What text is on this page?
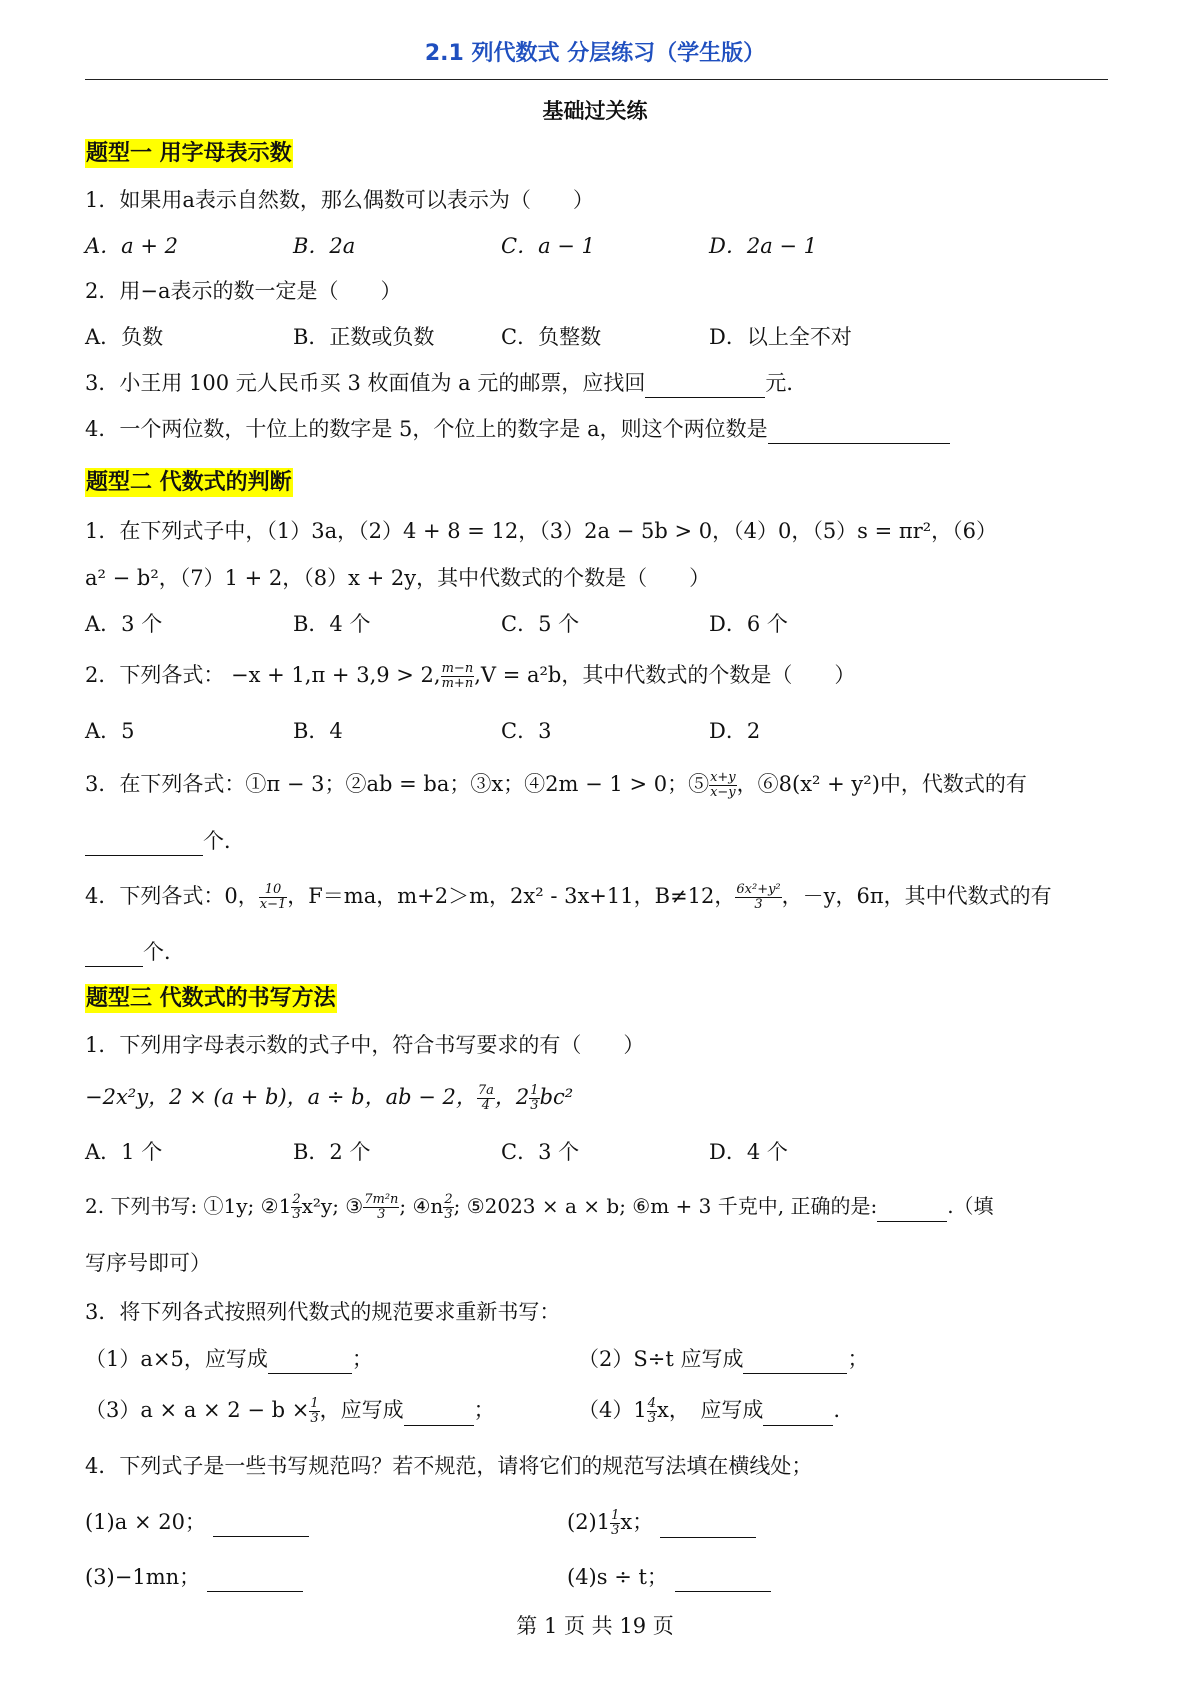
2.1 列代数式 分层练习（学生版）
基础过关练
题型一 用字母表示数
1．如果用a表示自然数，那么偶数可以表示为（　　）
A．a + 2	B．2a	C．a − 1	D．2a − 1
2．用−a表示的数一定是（　　）
A．负数	B．正数或负数	C．负整数	D．以上全不对
3．小王用 100 元人民币买 3 枚面值为 a 元的邮票，应找回	元．
4．一个两位数，十位上的数字是 5，个位上的数字是 a，则这个两位数是
题型二 代数式的判断
1．在下列式子中，（1）3a，（2）4 + 8 = 12，（3）2a − 5b > 0，（4）0，（5）s = πr²，（6）
a² − b²，（7）1 + 2，（8）x + 2y，其中代数式的个数是（　　）
A．3 个	B．4 个	C．5 个	D．6 个
2．下列各式： −x + 1,π + 3,9 > 2, $\frac{m-n}{m+n} ,V = a^2b$，其中代数式的个数是（　　）
A．5	B．4	C．3	D．2
3．在下列各式：①π − 3；②ab = ba；③x；④2m − 1 > 0；⑤ $\frac{x+y}{x-y}$ ，⑥8(x² + y²)中，代数式的有
个．
4．下列各式：0， $\frac{10}{x-1}$ ，F＝ma，m+2＞m，2x² - 3x+11，B≠12， $\frac{\text{6x²+y²}}{3}$ ，－y，6π，其中代数式的有
个．
题型三 代数式的书写方法
1．下列用字母表示数的式子中，符合书写要求的有（　　）
−2x²y，2 × (a + b)，a ÷ b，ab − 2， $\frac{7a}{4}$ ，$2 \frac{1}{3} bc^2$
A．1 个	B．2 个	C．3 个	D．4 个
2. 下列书写: ①1y; ②1 $\frac{2}{3} x^2y$; ③ $\frac{\text{7m²n}}{3}$ ; ④n $\frac{2}{3}$ ; ⑤2023 × a × b; ⑥m + 3 千克中, 正确的是:	.（填
写序号即可）
3．将下列各式按照列代数式的规范要求重新书写：
（1）a×5，应写成	；	（2）S÷t 应写成	；
$(3)a \times a \times 2 - b \times \frac{1}{3}$ ，应写成	；	$(4)1 \frac{4}{3}$ x，　应写成	.
4．下列式子是一些书写规范吗？若不规范，请将它们的规范写法填在横线处；
(1)a × 20；	$(2)1 \frac{1}{3}$ x；
(3)−1mn；	(4)s ÷ t；
第 1 页 共 19 页
